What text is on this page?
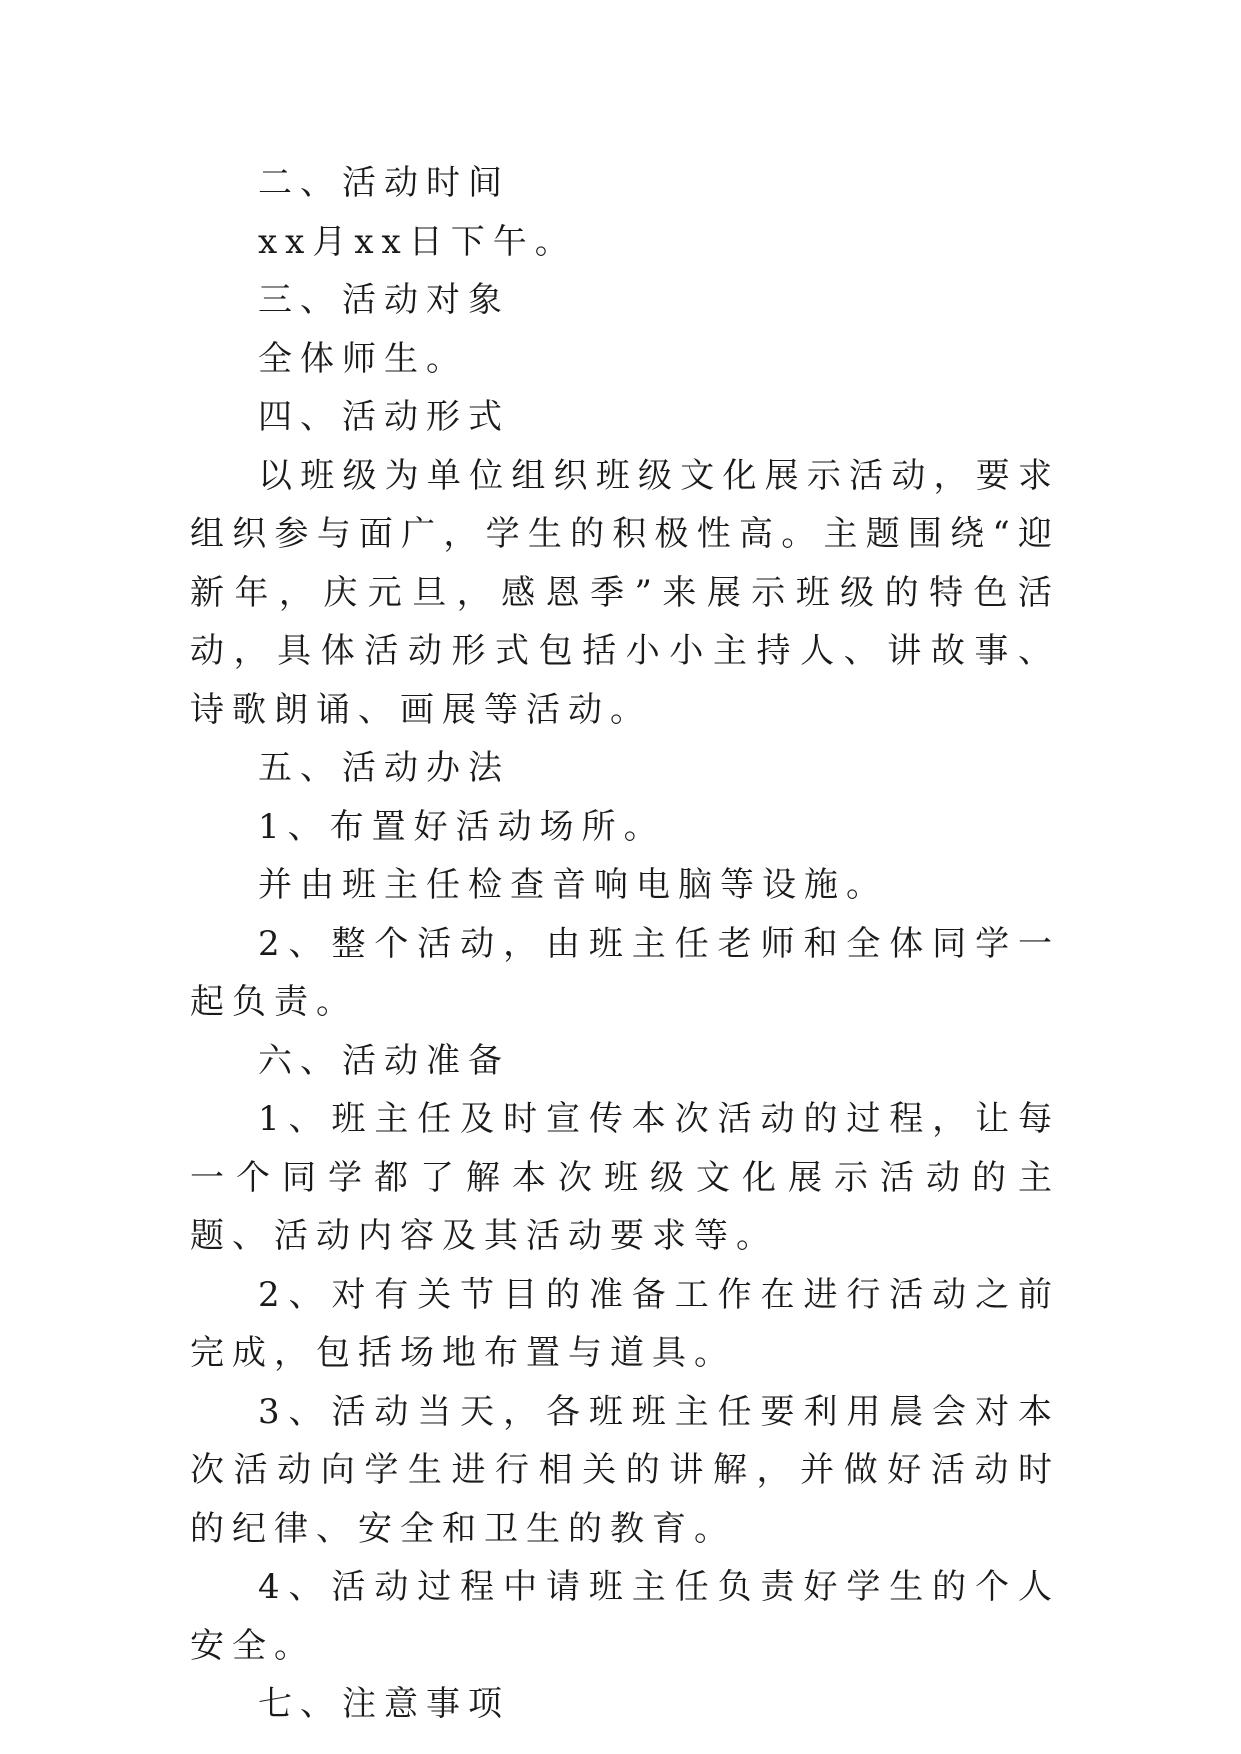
二、活动时间

xx月xx日下午。

三、活动对象

全体师生。

四、活动形式

以班级为单位组织班级文化展示活动，要求组织参与面广，学生的积极性高。主题围绕“迎新年，庆元旦，感恩季”来展示班级的特色活动，具体活动形式包括小小主持人、讲故事、诗歌朗诵、画展等活动。

五、活动办法

1、布置好活动场所。

并由班主任检查音响电脑等设施。

2、整个活动，由班主任老师和全体同学一起负责。

六、活动准备

1、班主任及时宣传本次活动的过程，让每一个同学都了解本次班级文化展示活动的主题、活动内容及其活动要求等。

2、对有关节目的准备工作在进行活动之前完成，包括场地布置与道具。

3、活动当天，各班班主任要利用晨会对本次活动向学生进行相关的讲解，并做好活动时的纪律、安全和卫生的教育。

4、活动过程中请班主任负责好学生的个人安全。

七、注意事项
